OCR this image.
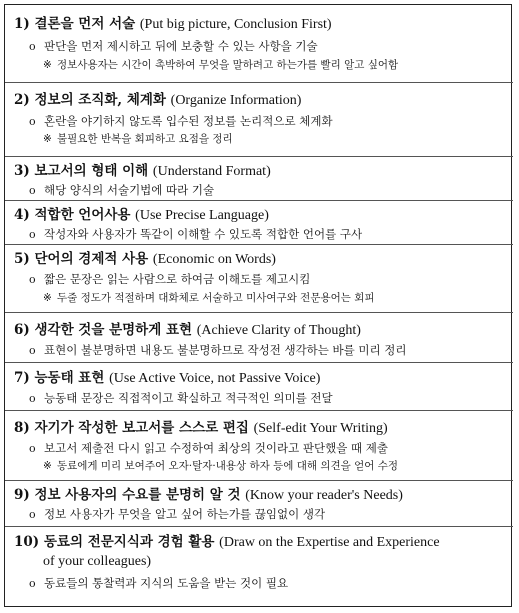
1) 결론을 먼저 서술 (Put big picture, Conclusion First)
o 판단을 먼저 제시하고 뒤에 보충할 수 있는 사항을 기술
※ 정보사용자는 시간이 촉박하여 무엇을 말하려고 하는가를 빨리 알고 싶어함
2) 정보의 조직화, 체계화 (Organize Information)
o 혼란을 야기하지 않도록 입수된 정보를 논리적으로 체계화
※ 불필요한 반복을 회피하고 요점을 정리
3) 보고서의 형태 이해 (Understand Format)
o 해당 양식의 서술기법에 따라 기술
4) 적합한 언어사용 (Use Precise Language)
o 작성자와 사용자가 똑같이 이해할 수 있도록 적합한 언어를 구사
5) 단어의 경제적 사용 (Economic on Words)
o 짧은 문장은 읽는 사람으로 하여금 이해도를 제고시킴
※ 두줄 정도가 적절하며 대화체로 서술하고 미사여구와 전문용어는 회피
6) 생각한 것을 분명하게 표현 (Achieve Clarity of Thought)
o 표현이 불분명하면 내용도 불분명하므로 작성전 생각하는 바를 미리 정리
7) 능동태 표현 (Use Active Voice, not Passive Voice)
o 능동태 문장은 직접적이고 확실하고 적극적인 의미를 전달
8) 자기가 작성한 보고서를 스스로 편집 (Self-edit Your Writing)
o 보고서 제출전 다시 읽고 수정하여 최상의 것이라고 판단했을 때 제출
※ 동료에게 미리 보여주어 오자·탈자·내용상 하자 등에 대해 의견을 얻어 수정
9) 정보 사용자의 수요를 분명히 알 것 (Know your reader's Needs)
o 정보 사용자가 무엇을 알고 싶어 하는가를 끊임없이 생각
10) 동료의 전문지식과 경험 활용 (Draw on the Expertise and Experience
of your colleagues)
o 동료들의 통찰력과 지식의 도움을 받는 것이 필요
